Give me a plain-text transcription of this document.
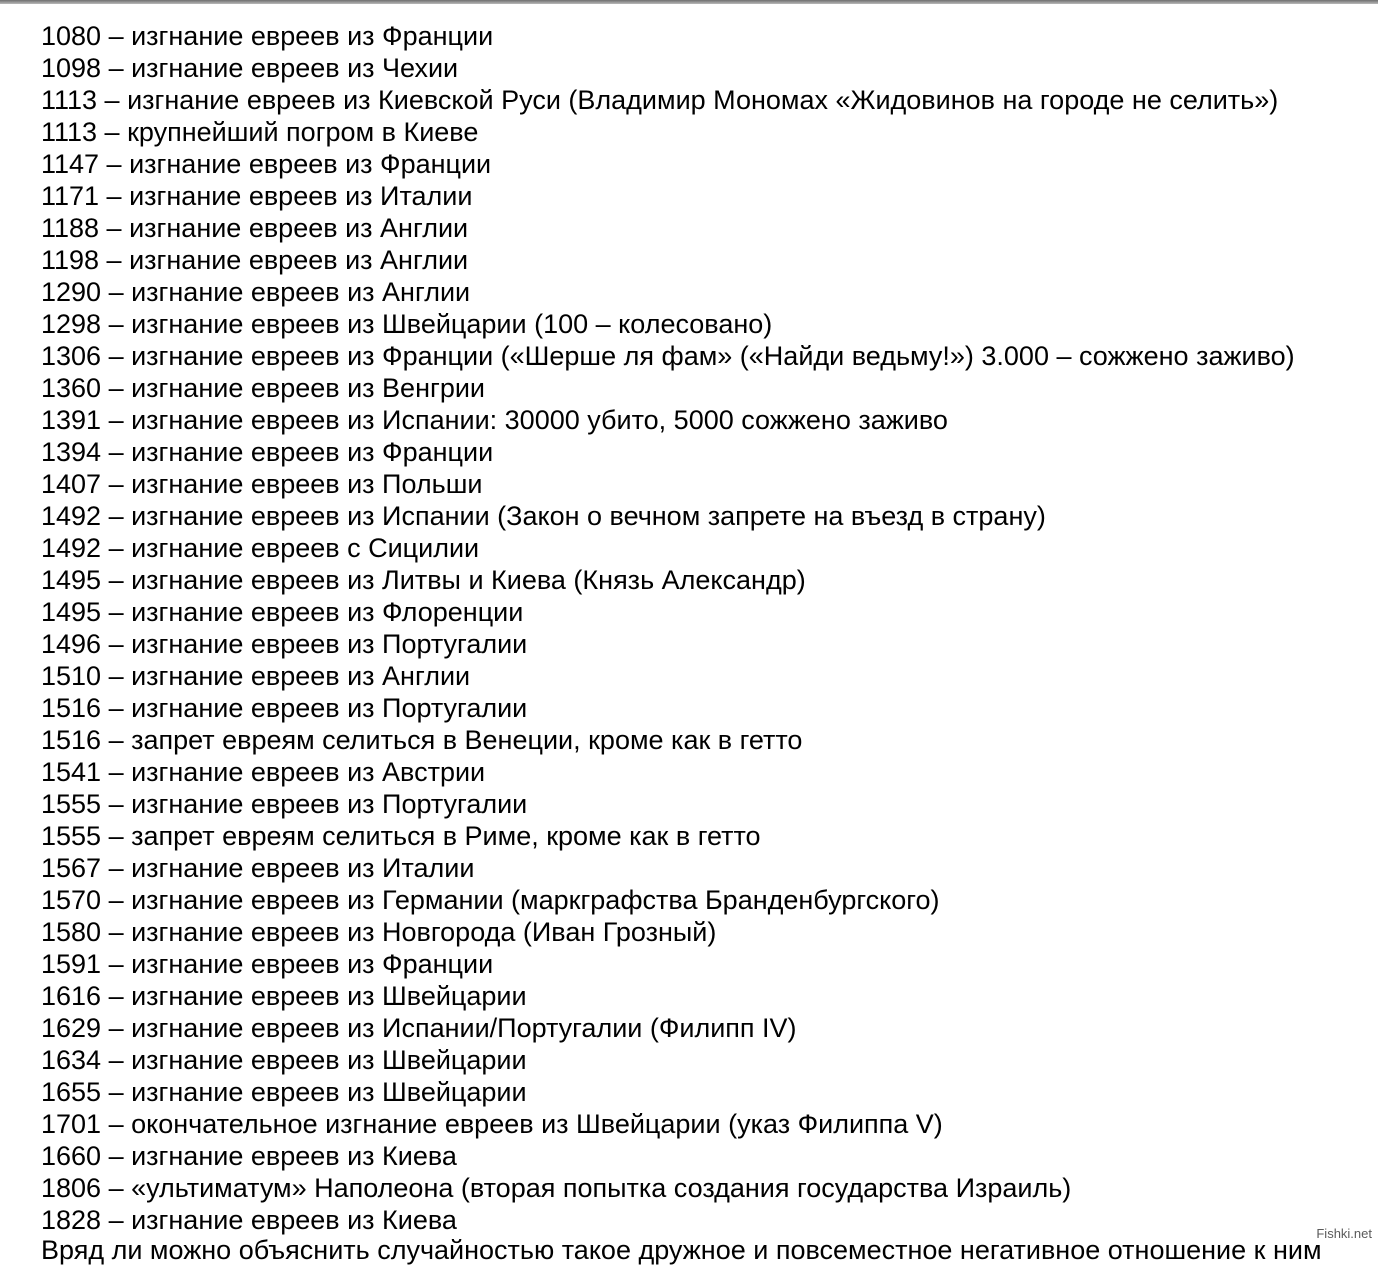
1080 – изгнание евреев из Франции
1098 – изгнание евреев из Чехии
1113 – изгнание евреев из Киевской Руси (Владимир Мономах «Жидовинов на городе не селить»)
1113 – крупнейший погром в Киеве
1147 – изгнание евреев из Франции
1171 – изгнание евреев из Италии
1188 – изгнание евреев из Англии
1198 – изгнание евреев из Англии
1290 – изгнание евреев из Англии
1298 – изгнание евреев из Швейцарии (100 – колесовано)
1306 – изгнание евреев из Франции («Шерше ля фам» («Найди ведьму!») 3.000 – сожжено заживо)
1360 – изгнание евреев из Венгрии
1391 – изгнание евреев из Испании: 30000 убито, 5000 сожжено заживо
1394 – изгнание евреев из Франции
1407 – изгнание евреев из Польши
1492 – изгнание евреев из Испании (Закон о вечном запрете на въезд в страну)
1492 – изгнание евреев с Сицилии
1495 – изгнание евреев из Литвы и Киева (Князь Александр)
1495 – изгнание евреев из Флоренции
1496 – изгнание евреев из Португалии
1510 – изгнание евреев из Англии
1516 – изгнание евреев из Португалии
1516 – запрет евреям селиться в Венеции, кроме как в гетто
1541 – изгнание евреев из Австрии
1555 – изгнание евреев из Португалии
1555 – запрет евреям селиться в Риме, кроме как в гетто
1567 – изгнание евреев из Италии
1570 – изгнание евреев из Германии (маркграфства Бранденбургского)
1580 – изгнание евреев из Новгорода (Иван Грозный)
1591 – изгнание евреев из Франции
1616 – изгнание евреев из Швейцарии
1629 – изгнание евреев из Испании/Португалии (Филипп IV)
1634 – изгнание евреев из Швейцарии
1655 – изгнание евреев из Швейцарии
1701 – окончательное изгнание евреев из Швейцарии (указ Филиппа V)
1660 – изгнание евреев из Киева
1806 – «ультиматум» Наполеона (вторая попытка создания государства Израиль)
1828 – изгнание евреев из Киева
Вряд ли можно объяснить случайностью такое дружное и повсеместное негативное отношение к ним
Fishki.net
